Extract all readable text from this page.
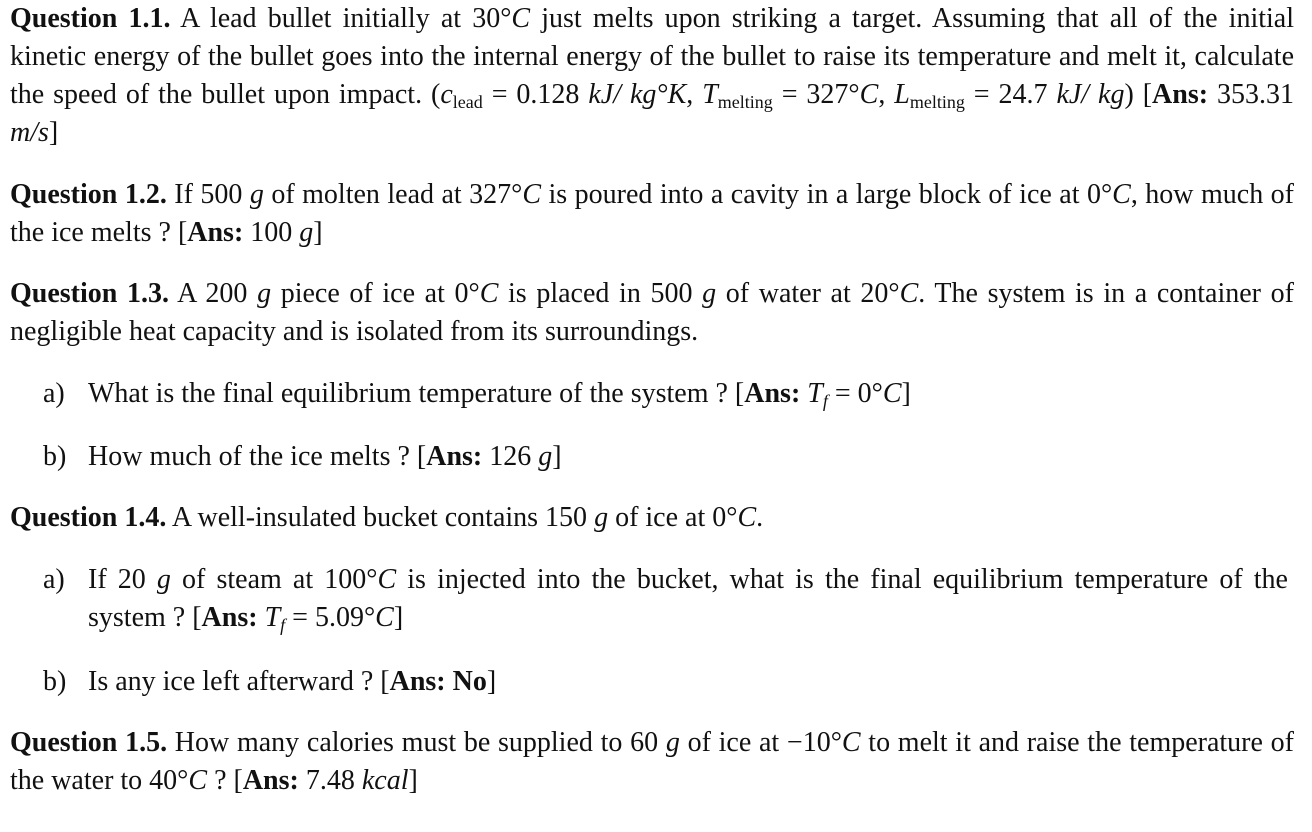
Question 1.1. A lead bullet initially at 30°C just melts upon striking a target. Assuming that all of the initial kinetic energy of the bullet goes into the internal energy of the bullet to raise its temperature and melt it, calculate the speed of the bullet upon impact. ($c_{lead} = 0.128$ kJ/ kg°K, $T_{melting} = 327^\circ C$, $L_{melting} = 24.7$ kJ/ kg) [Ans: 353.31 m/s]
Question 1.2. If 500 g of molten lead at 327°C is poured into a cavity in a large block of ice at 0°C, how much of the ice melts ? [Ans: 100 g]
Question 1.3. A 200 g piece of ice at 0°C is placed in 500 g of water at 20°C. The system is in a container of negligible heat capacity and is isolated from its surroundings.
a) What is the final equilibrium temperature of the system ? [Ans: $T_f = 0^\circ C$]
b) How much of the ice melts ? [Ans: 126 g]
Question 1.4. A well-insulated bucket contains 150 g of ice at 0°C.
a) If 20 g of steam at 100°C is injected into the bucket, what is the final equilibrium temperature of the system ? [Ans: $T_f = 5.09^\circ C$]
b) Is any ice left afterward ? [Ans: No]
Question 1.5. How many calories must be supplied to 60 g of ice at −10°C to melt it and raise the temperature of the water to 40°C ? [Ans: 7.48 kcal]
